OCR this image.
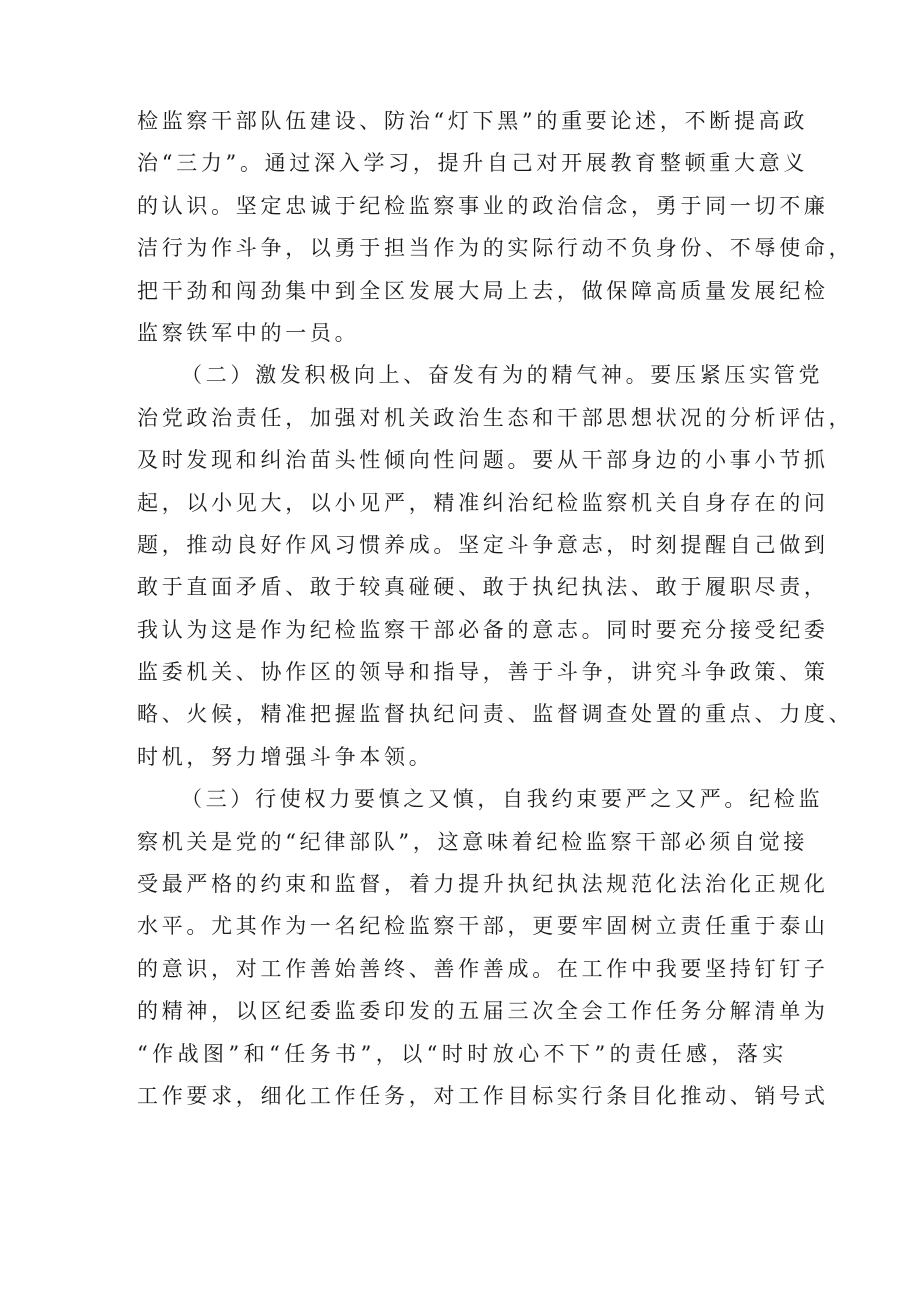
检监察干部队伍建设、防治“灯下黑”的重要论述，不断提高政
治“三力”。通过深入学习，提升自己对开展教育整顿重大意义
的认识。坚定忠诚于纪检监察事业的政治信念，勇于同一切不廉
洁行为作斗争，以勇于担当作为的实际行动不负身份、不辱使命，
把干劲和闯劲集中到全区发展大局上去，做保障高质量发展纪检
监察铁军中的一员。
（二）激发积极向上、奋发有为的精气神。要压紧压实管党
治党政治责任，加强对机关政治生态和干部思想状况的分析评估，
及时发现和纠治苗头性倾向性问题。要从干部身边的小事小节抓
起，以小见大，以小见严，精准纠治纪检监察机关自身存在的问
题，推动良好作风习惯养成。坚定斗争意志，时刻提醒自己做到
敢于直面矛盾、敢于较真碰硬、敢于执纪执法、敢于履职尽责，
我认为这是作为纪检监察干部必备的意志。同时要充分接受纪委
监委机关、协作区的领导和指导，善于斗争，讲究斗争政策、策
略、火候，精准把握监督执纪问责、监督调查处置的重点、力度、
时机，努力增强斗争本领。
（三）行使权力要慎之又慎，自我约束要严之又严。纪检监
察机关是党的“纪律部队”，这意味着纪检监察干部必须自觉接
受最严格的约束和监督，着力提升执纪执法规范化法治化正规化
水平。尤其作为一名纪检监察干部，更要牢固树立责任重于泰山
的意识，对工作善始善终、善作善成。在工作中我要坚持钉钉子
的精神，以区纪委监委印发的五届三次全会工作任务分解清单为
“作战图”和“任务书”，以“时时放心不下”的责任感，落实
工作要求，细化工作任务，对工作目标实行条目化推动、销号式
